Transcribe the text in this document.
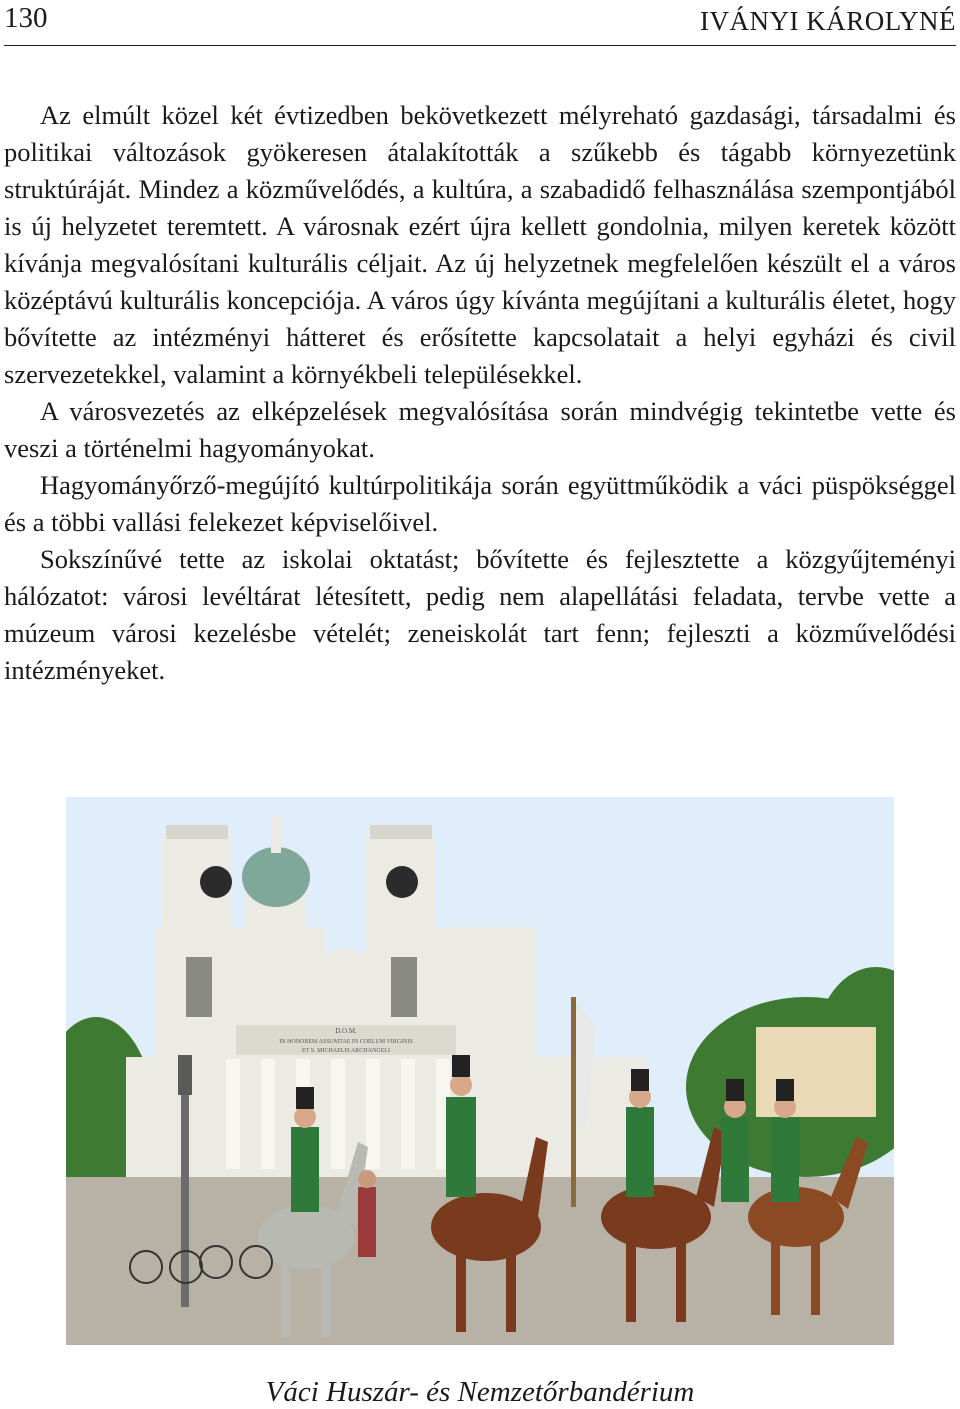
130	IVÁNYI KÁROLYNÉ

Az elmúlt közel két évtizedben bekövetkezett mélyreható gazdasági, társadalmi és politikai változások gyökeresen átalakították a szűkebb és tágabb környezetünk struktúráját. Mindez a közművelődés, a kultúra, a szabadidő felhasználása szempontjából is új helyzetet teremtett. A városnak ezért újra kellett gondolnia, milyen keretek között kívánja megvalósítani kulturális céljait. Az új helyzetnek megfelelően készült el a város középtávú kulturális koncepciója. A város úgy kívánta megújítani a kulturális életet, hogy bővítette az intézményi hátteret és erősítette kapcsolatait a helyi egyházi és civil szervezetekkel, valamint a környékbeli településekkel.

A városvezetés az elképzelések megvalósítása során mindvégig tekintetbe vette és veszi a történelmi hagyományokat.

Hagyományőrző-megújító kultúrpolitikája során együttműködik a váci püspökséggel és a többi vallási felekezet képviselőivel.

Sokszínűvé tette az iskolai oktatást; bővítette és fejlesztette a közgyűjteményi hálózatot: városi levéltárat létesített, pedig nem alapellátási feladata, tervbe vette a múzeum városi kezelésbe vételét; zeneiskolát tart fenn; fejleszti a közművelődési intézményeket.

D.O.M.
IN HONOREM ASSUMTAE IN COELUM VIRGINIS
ET S. MICHAELIS ARCHANGELI
Váci Huszár- és Nemzetőrbandérium
